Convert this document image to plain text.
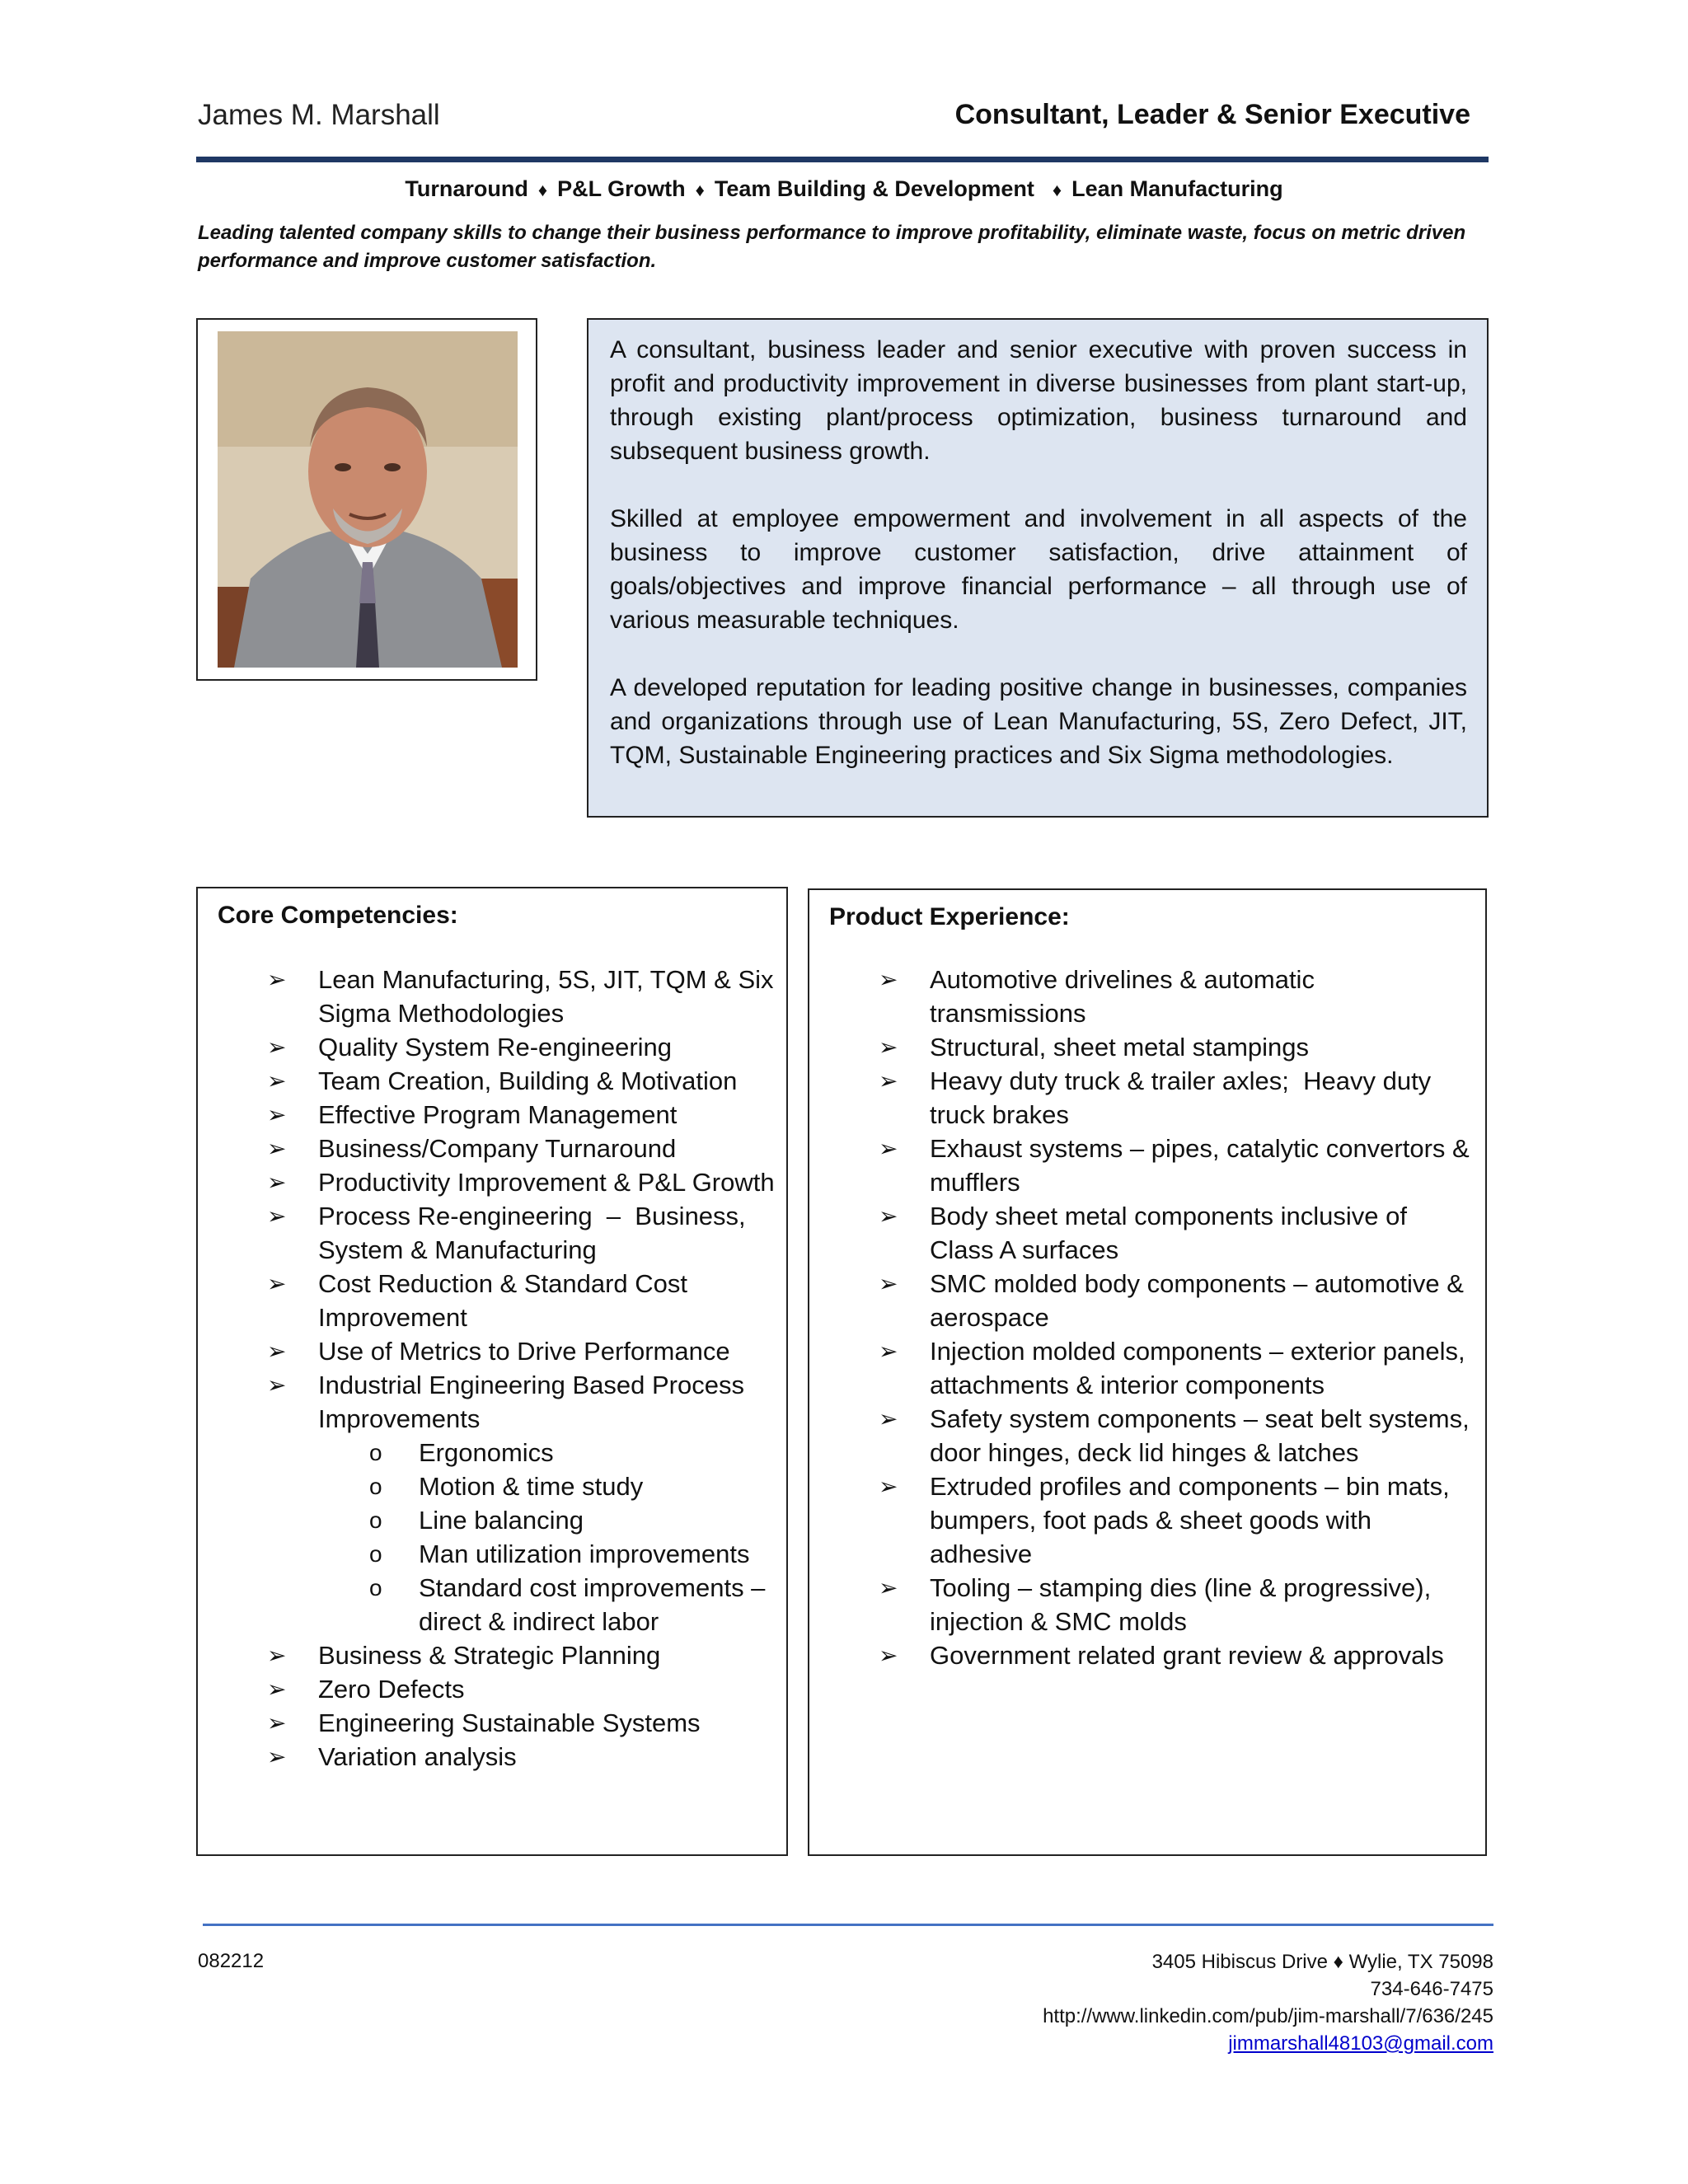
James M. Marshall	Consultant, Leader & Senior Executive
Turnaround ♦ P&L Growth ♦ Team Building & Development ♦ Lean Manufacturing
Leading talented company skills to change their business performance to improve profitability, eliminate waste, focus on metric driven performance and improve customer satisfaction.

A consultant, business leader and senior executive with proven success in profit and productivity improvement in diverse businesses from plant start-up, through existing plant/process optimization, business turnaround and subsequent business growth.

Skilled at employee empowerment and involvement in all aspects of the business to improve customer satisfaction, drive attainment of goals/objectives and improve financial performance – all through use of various measurable techniques.

A developed reputation for leading positive change in businesses, companies and organizations through use of Lean Manufacturing, 5S, Zero Defect, JIT, TQM, Sustainable Engineering practices and Six Sigma methodologies.

Core Competencies:
➢ Lean Manufacturing, 5S, JIT, TQM & Six Sigma Methodologies
➢ Quality System Re-engineering
➢ Team Creation, Building & Motivation
➢ Effective Program Management
➢ Business/Company Turnaround
➢ Productivity Improvement & P&L Growth
➢ Process Re-engineering  –  Business, System & Manufacturing
➢ Cost Reduction & Standard Cost Improvement
➢ Use of Metrics to Drive Performance
➢ Industrial Engineering Based Process Improvements
o Ergonomics
o Motion & time study
o Line balancing
o Man utilization improvements
o Standard cost improvements – direct & indirect labor
➢ Business & Strategic Planning
➢ Zero Defects
➢ Engineering Sustainable Systems
➢ Variation analysis
Product Experience:
➢ Automotive drivelines & automatic transmissions
➢ Structural, sheet metal stampings
➢ Heavy duty truck & trailer axles;  Heavy duty truck brakes
➢ Exhaust systems – pipes, catalytic convertors & mufflers
➢ Body sheet metal components inclusive of Class A surfaces
➢ SMC molded body components – automotive & aerospace
➢ Injection molded components – exterior panels, attachments & interior components
➢ Safety system components – seat belt systems, door hinges, deck lid hinges & latches
➢ Extruded profiles and components – bin mats, bumpers, foot pads & sheet goods with adhesive
➢ Tooling – stamping dies (line & progressive), injection & SMC molds
➢ Government related grant review & approvals
082212	3405 Hibiscus Drive ♦ Wylie, TX 75098
734-646-7475
http://www.linkedin.com/pub/jim-marshall/7/636/245
jimmarshall48103@gmail.com
